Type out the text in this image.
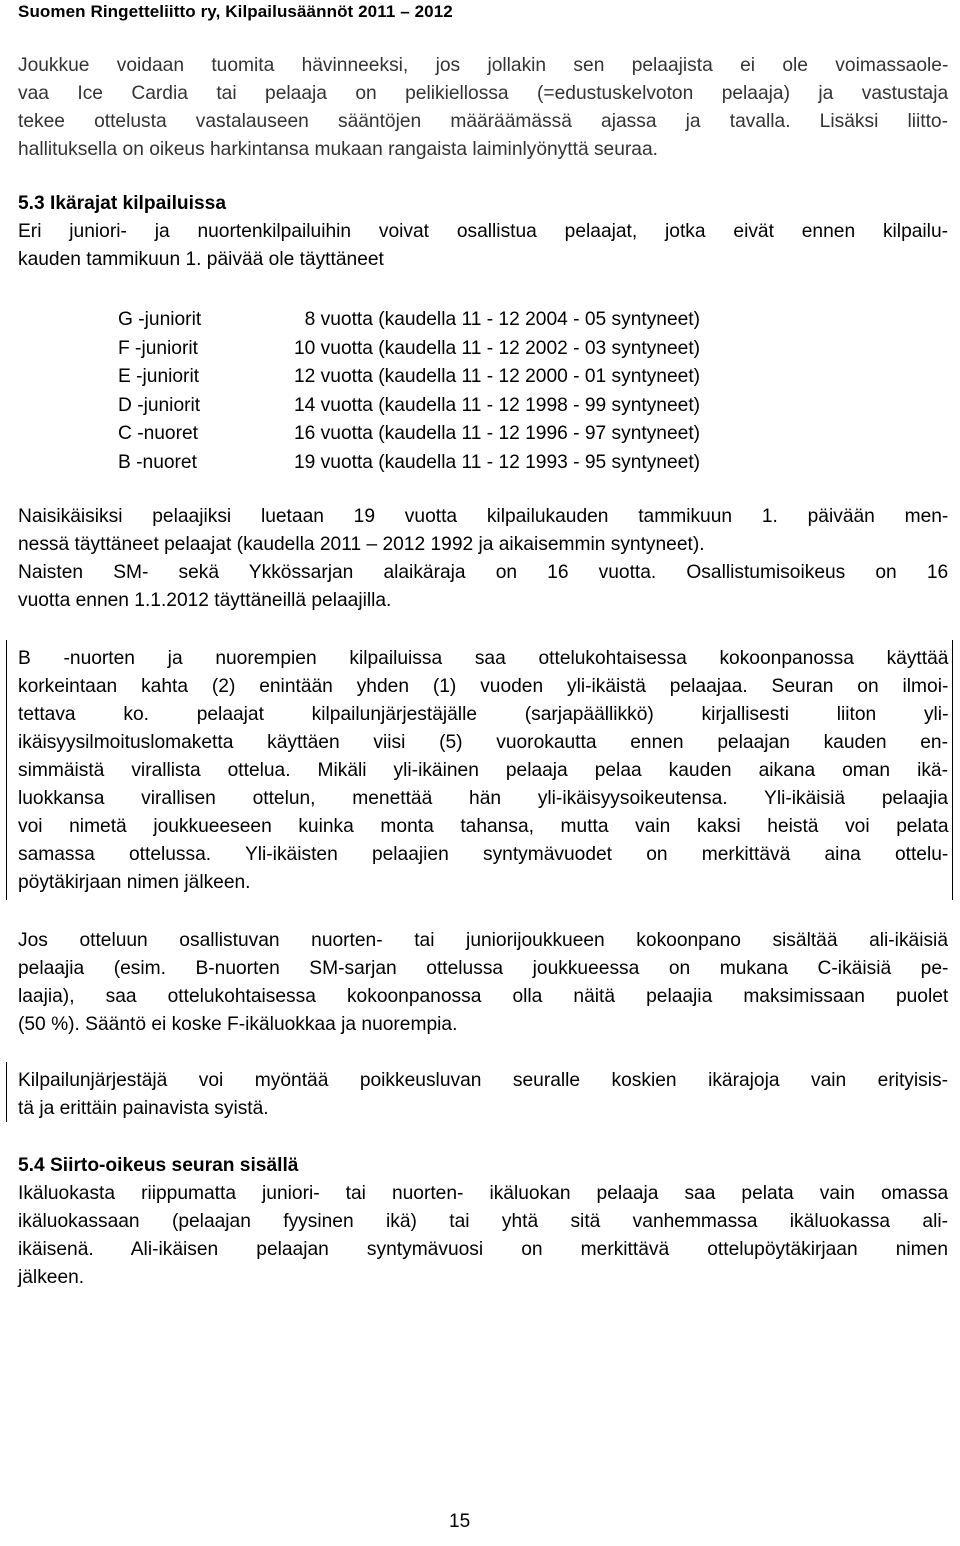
Suomen Ringetteliitto ry, Kilpailusäännöt 2011 – 2012
Joukkue voidaan tuomita hävinneeksi, jos jollakin sen pelaajista ei ole voimassaole-
vaa Ice Cardia tai pelaaja on pelikiellossa (=edustuskelvoton pelaaja) ja vastustaja
tekee ottelusta vastalauseen sääntöjen määräämässä ajassa ja tavalla. Lisäksi liitto-
hallituksella on oikeus harkintansa mukaan rangaista laiminlyönyttä seuraa.
5.3 Ikärajat kilpailuissa
Eri juniori- ja nuortenkilpailuihin voivat osallistua pelaajat, jotka eivät ennen kilpailu-
kauden tammikuun 1. päivää ole täyttäneet
G -juniorit	8 vuotta (kaudella 11 - 12 2004 - 05 syntyneet)
F -juniorit	10 vuotta (kaudella 11 - 12 2002 - 03 syntyneet)
E -juniorit	12 vuotta (kaudella 11 - 12 2000 - 01 syntyneet)
D -juniorit	14 vuotta (kaudella 11 - 12 1998 - 99 syntyneet)
C -nuoret	16 vuotta (kaudella 11 - 12 1996 - 97 syntyneet)
B -nuoret	19 vuotta (kaudella 11 - 12 1993 - 95 syntyneet)
Naisikäisiksi pelaajiksi luetaan 19 vuotta kilpailukauden tammikuun 1. päivään men-
nessä täyttäneet pelaajat (kaudella 2011 – 2012 1992 ja aikaisemmin syntyneet).
Naisten SM- sekä Ykkössarjan alaikäraja on 16 vuotta. Osallistumisoikeus on 16
vuotta ennen 1.1.2012 täyttäneillä pelaajilla.
B -nuorten ja nuorempien kilpailuissa saa ottelukohtaisessa kokoonpanossa käyttää
korkeintaan kahta (2) enintään yhden (1) vuoden yli-ikäistä pelaajaa. Seuran on ilmoi-
tettava ko. pelaajat kilpailunjärjestäjälle (sarjapäällikkö) kirjallisesti liiton yli-
ikäisyysilmoituslomaketta käyttäen viisi (5) vuorokautta ennen pelaajan kauden en-
simmäistä virallista ottelua. Mikäli yli-ikäinen pelaaja pelaa kauden aikana oman ikä-
luokkansa virallisen ottelun, menettää hän yli-ikäisyysoikeutensa. Yli-ikäisiä pelaajia
voi nimetä joukkueeseen kuinka monta tahansa, mutta vain kaksi heistä voi pelata
samassa ottelussa. Yli-ikäisten pelaajien syntymävuodet on merkittävä aina ottelu-
pöytäkirjaan nimen jälkeen.
Jos otteluun osallistuvan nuorten- tai juniorijoukkueen kokoonpano sisältää ali-ikäisiä
pelaajia (esim. B-nuorten SM-sarjan ottelussa joukkueessa on mukana C-ikäisiä pe-
laajia), saa ottelukohtaisessa kokoonpanossa olla näitä pelaajia maksimissaan puolet
(50 %). Sääntö ei koske F-ikäluokkaa ja nuorempia.
Kilpailunjärjestäjä voi myöntää poikkeusluvan seuralle koskien ikärajoja vain erityisis-
tä ja erittäin painavista syistä.
5.4 Siirto-oikeus seuran sisällä
Ikäluokasta riippumatta juniori- tai nuorten- ikäluokan pelaaja saa pelata vain omassa
ikäluokassaan (pelaajan fyysinen ikä) tai yhtä sitä vanhemmassa ikäluokassa ali-
ikäisenä. Ali-ikäisen pelaajan syntymävuosi on merkittävä ottelupöytäkirjaan nimen
jälkeen.
15
